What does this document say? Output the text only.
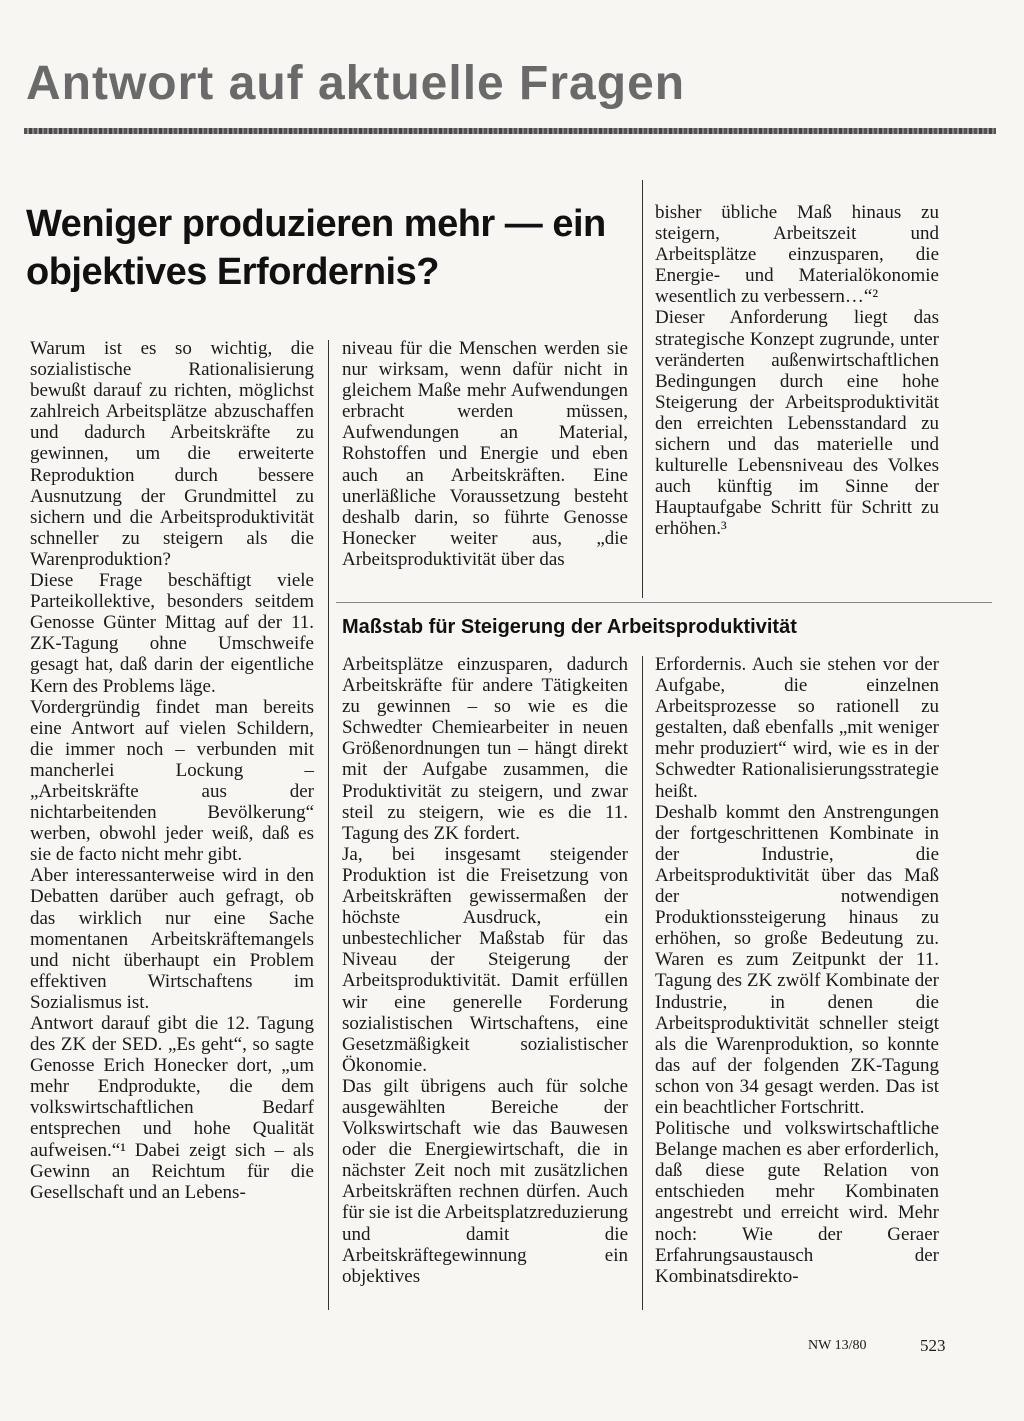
Antwort auf aktuelle Fragen
Weniger produzieren mehr — ein objektives Erfordernis?

Warum ist es so wichtig, die sozialistische Rationalisierung bewußt darauf zu richten, möglichst zahlreich Arbeitsplätze abzuschaffen und dadurch Arbeitskräfte zu gewinnen, um die erweiterte Reproduktion durch bessere Ausnutzung der Grundmittel zu sichern und die Arbeitsproduktivität schneller zu steigern als die Warenproduktion?

Diese Frage beschäftigt viele Parteikollektive, besonders seitdem Genosse Günter Mittag auf der 11. ZK-Tagung ohne Umschweife gesagt hat, daß darin der eigentliche Kern des Problems läge.

Vordergründig findet man bereits eine Antwort auf vielen Schildern, die immer noch – verbunden mit mancherlei Lockung – „Arbeitskräfte aus der nichtarbeitenden Bevölkerung“ werben, obwohl jeder weiß, daß es sie de facto nicht mehr gibt.

Aber interessanterweise wird in den Debatten darüber auch gefragt, ob das wirklich nur eine Sache momentanen Arbeitskräftemangels und nicht überhaupt ein Problem effektiven Wirtschaftens im Sozialismus ist.

Antwort darauf gibt die 12. Tagung des ZK der SED. „Es geht“, so sagte Genosse Erich Honecker dort, „um mehr Endprodukte, die dem volkswirtschaftlichen Bedarf entsprechen und hohe Qualität aufweisen.“¹ Dabei zeigt sich – als Gewinn an Reichtum für die Gesellschaft und an Lebens-

niveau für die Menschen werden sie nur wirksam, wenn dafür nicht in gleichem Maße mehr Aufwendungen erbracht werden müssen, Aufwendungen an Material, Rohstoffen und Energie und eben auch an Arbeitskräften. Eine unerläßliche Voraussetzung besteht deshalb darin, so führte Genosse Honecker weiter aus, „die Arbeitsproduktivität über das

bisher übliche Maß hinaus zu steigern, Arbeitszeit und Arbeitsplätze einzusparen, die Energie- und Materialökonomie wesentlich zu verbessern…“²

Dieser Anforderung liegt das strategische Konzept zugrunde, unter veränderten außenwirtschaftlichen Bedingungen durch eine hohe Steigerung der Arbeitsproduktivität den erreichten Lebensstandard zu sichern und das materielle und kulturelle Lebensniveau des Volkes auch künftig im Sinne der Hauptaufgabe Schritt für Schritt zu erhöhen.³

Maßstab für Steigerung der Arbeitsproduktivität

Arbeitsplätze einzusparen, dadurch Arbeitskräfte für andere Tätigkeiten zu gewinnen – so wie es die Schwedter Chemiearbeiter in neuen Größenordnungen tun – hängt direkt mit der Aufgabe zusammen, die Produktivität zu steigern, und zwar steil zu steigern, wie es die 11. Tagung des ZK fordert.

Ja, bei insgesamt steigender Produktion ist die Freisetzung von Arbeitskräften gewissermaßen der höchste Ausdruck, ein unbestechlicher Maßstab für das Niveau der Steigerung der Arbeitsproduktivität. Damit erfüllen wir eine generelle Forderung sozialistischen Wirtschaftens, eine Gesetzmäßigkeit sozialistischer Ökonomie.

Das gilt übrigens auch für solche ausgewählten Bereiche der Volkswirtschaft wie das Bauwesen oder die Energiewirtschaft, die in nächster Zeit noch mit zusätzlichen Arbeitskräften rechnen dürfen. Auch für sie ist die Arbeitsplatzreduzierung und damit die Arbeitskräftegewinnung ein objektives

Erfordernis. Auch sie stehen vor der Aufgabe, die einzelnen Arbeitsprozesse so rationell zu gestalten, daß ebenfalls „mit weniger mehr produziert“ wird, wie es in der Schwedter Rationalisierungsstrategie heißt.

Deshalb kommt den Anstrengungen der fortgeschrittenen Kombinate in der Industrie, die Arbeitsproduktivität über das Maß der notwendigen Produktionssteigerung hinaus zu erhöhen, so große Bedeutung zu. Waren es zum Zeitpunkt der 11. Tagung des ZK zwölf Kombinate der Industrie, in denen die Arbeitsproduktivität schneller steigt als die Warenproduktion, so konnte das auf der folgenden ZK-Tagung schon von 34 gesagt werden. Das ist ein beachtlicher Fortschritt.

Politische und volkswirtschaftliche Belange machen es aber erforderlich, daß diese gute Relation von entschieden mehr Kombinaten angestrebt und erreicht wird. Mehr noch: Wie der Geraer Erfahrungsaustausch der Kombinatsdirekto-

NW 13/80	523
